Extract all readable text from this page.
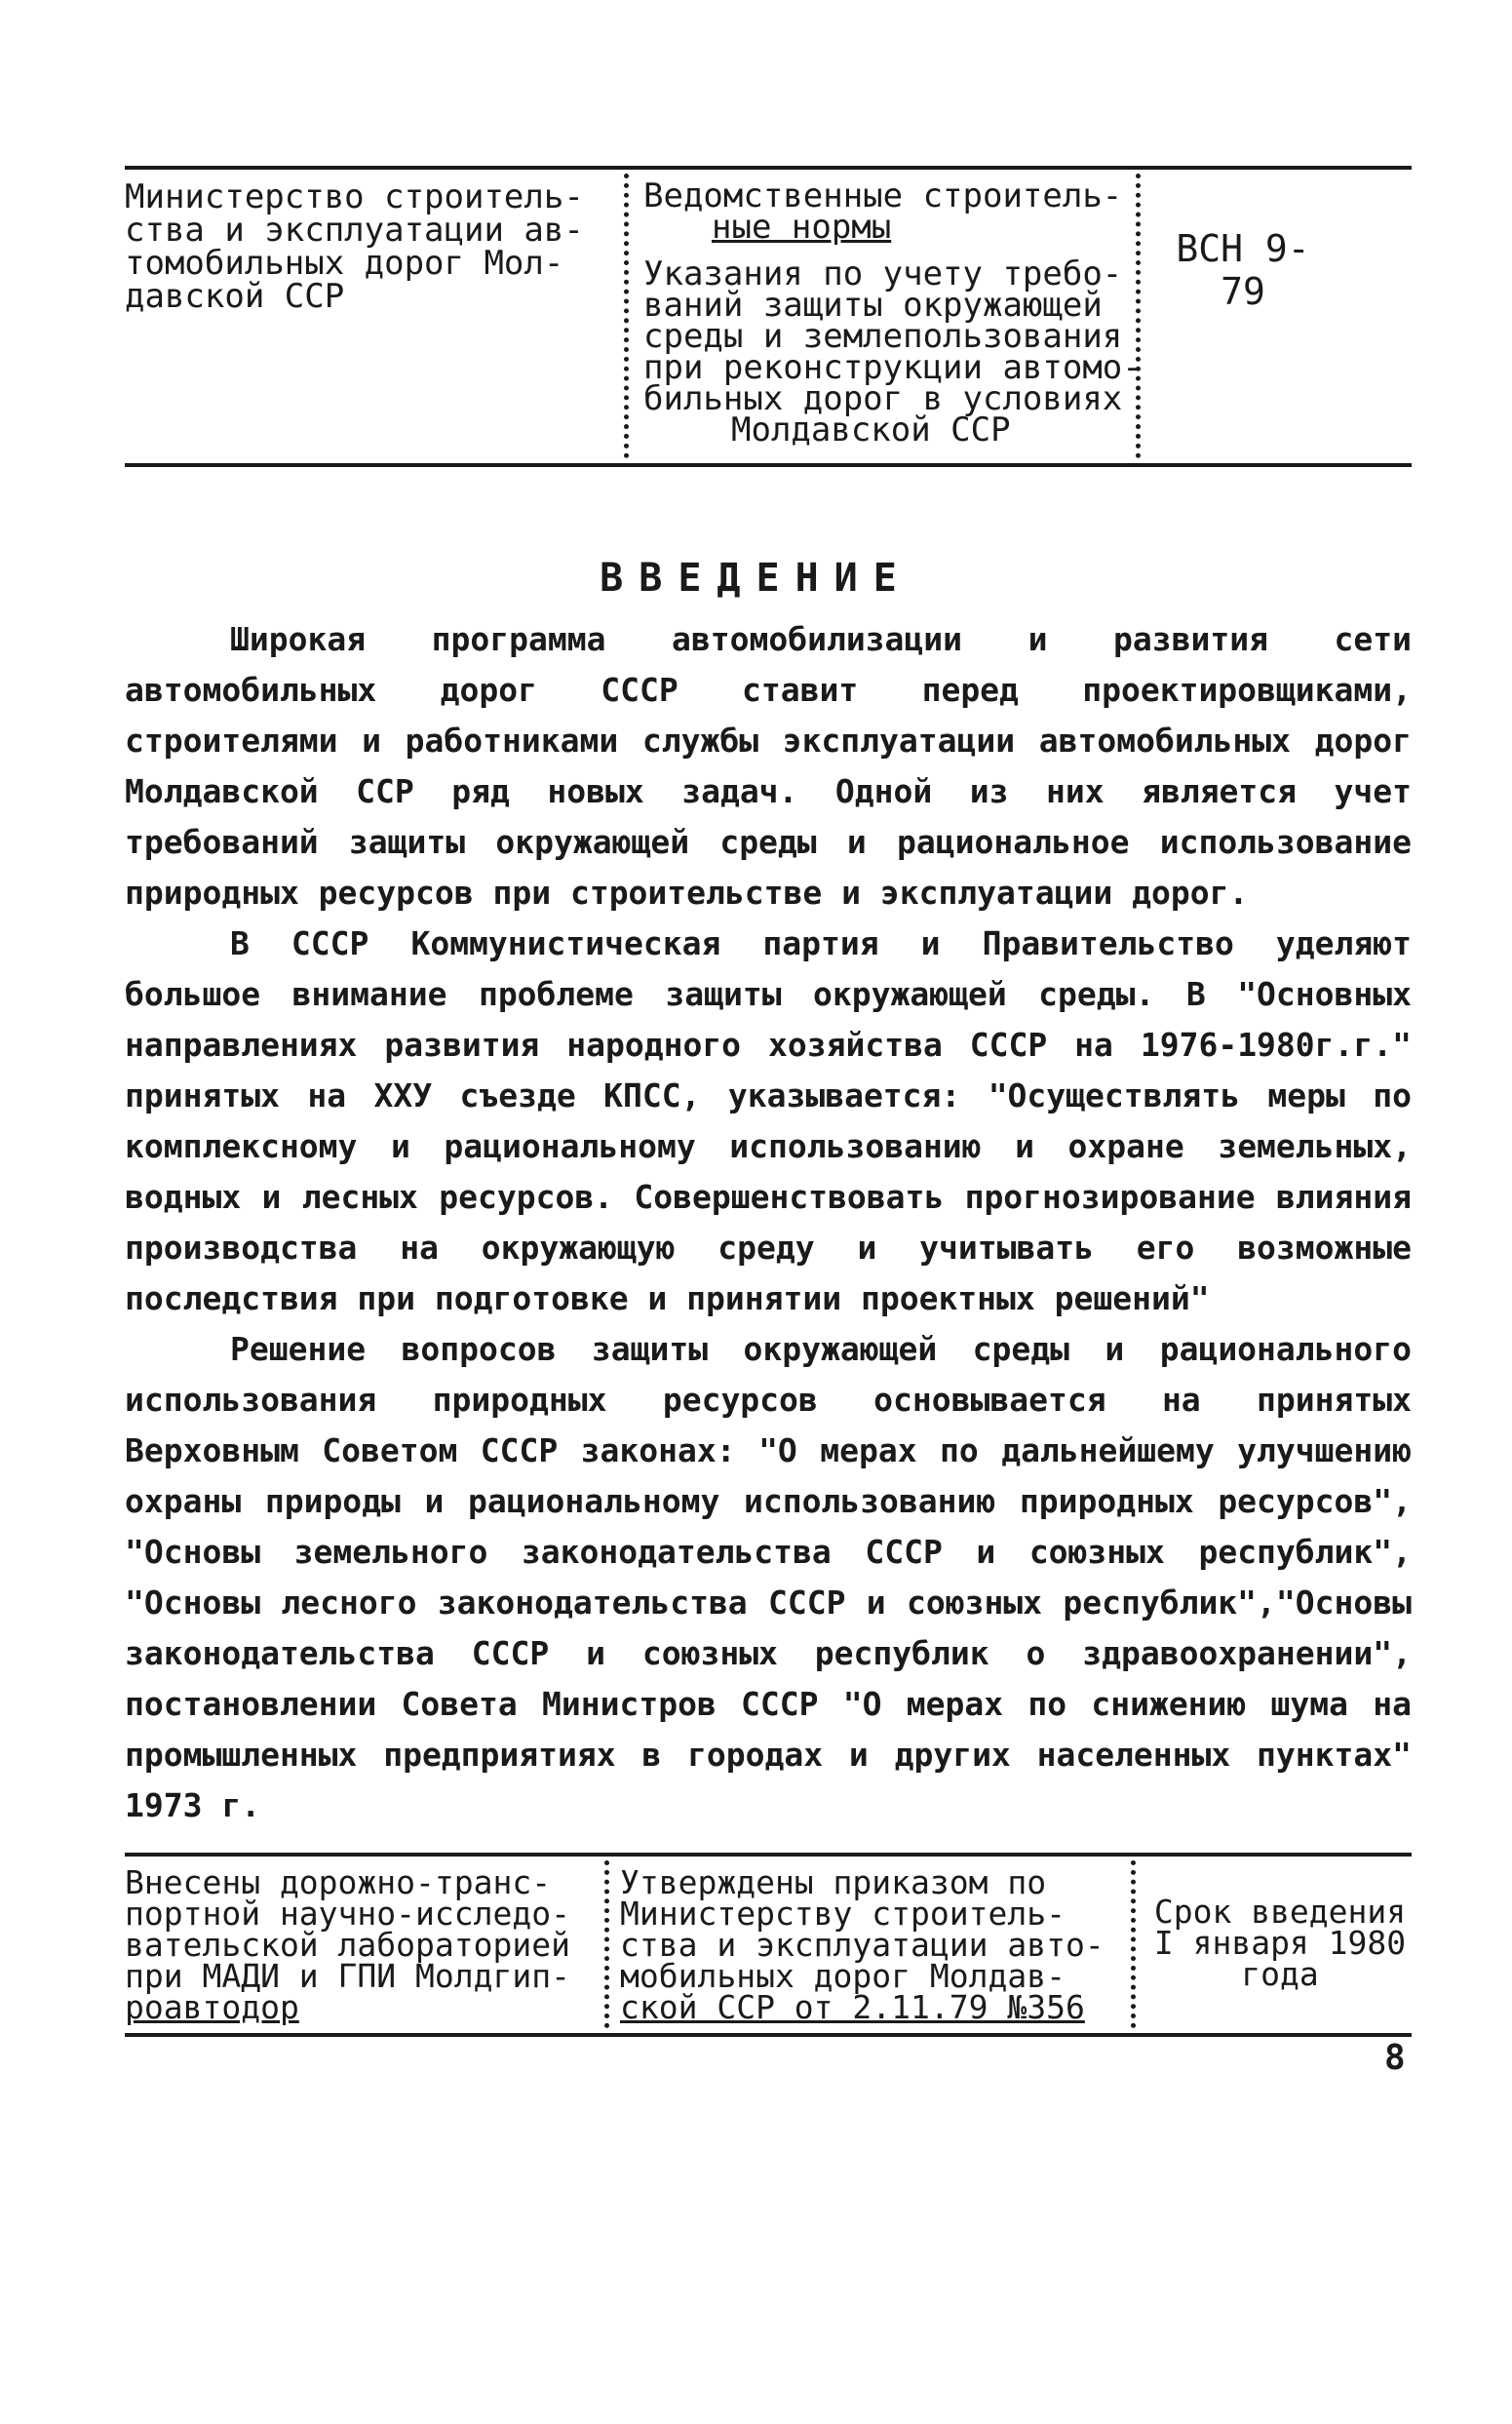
Министерство строитель-
ства и эксплуатации ав-
томобильных дорог Мол-
давской ССР
Ведомственные строитель-
ные нормы
Указания по учету требо-
ваний защиты окружающей
среды и землепользования
при реконструкции автомо-
бильных дорог в условиях
Молдавской ССР
ВСН 9-79
ВВЕДЕНИЕ

Широкая программа автомобилизации и развития сети автомобильных дорог СССР ставит перед проектировщиками, строителями и работниками службы эксплуатации автомобильных дорог Молдавской ССР ряд новых задач. Одной из них является учет требований защиты окружающей среды и рациональное использование природных ресурсов при строительстве и эксплуатации дорог.

В СССР Коммунистическая партия и Правительство уделяют большое внимание проблеме защиты окружающей среды. В "Основных направлениях развития народного хозяйства СССР на 1976-1980г.г." принятых на ХХУ съезде КПСС, указывается: "Осуществлять меры по комплексному и рациональному использованию и охране земельных, водных и лесных ресурсов. Совершенствовать прогнозирование влияния производства на окружающую среду и учитывать его возможные последствия при подготовке и принятии проектных решений"

Решение вопросов защиты окружающей среды и рационального использования природных ресурсов основывается на принятых Верховным Советом СССР законах: "О мерах по дальнейшему улучшению охраны природы и рациональному использованию природных ресурсов", "Основы земельного законодательства СССР и союзных республик", "Основы лесного законодательства СССР и союзных республик","Основы законодательства СССР и союзных республик о здравоохранении", постановлении Совета Министров СССР "О мерах по снижению шума на промышленных предприятиях в городах и других населенных пунктах" 1973 г.

Внесены дорожно-транс-
портной научно-исследо-
вательской лабораторией
при МАДИ и ГПИ Молдгип-
роавтодор
Утверждены приказом по
Министерству строитель-
ства и эксплуатации авто-
мобильных дорог Молдав-
ской ССР от 2.11.79 №356
Срок введения
I января 1980
года
8
